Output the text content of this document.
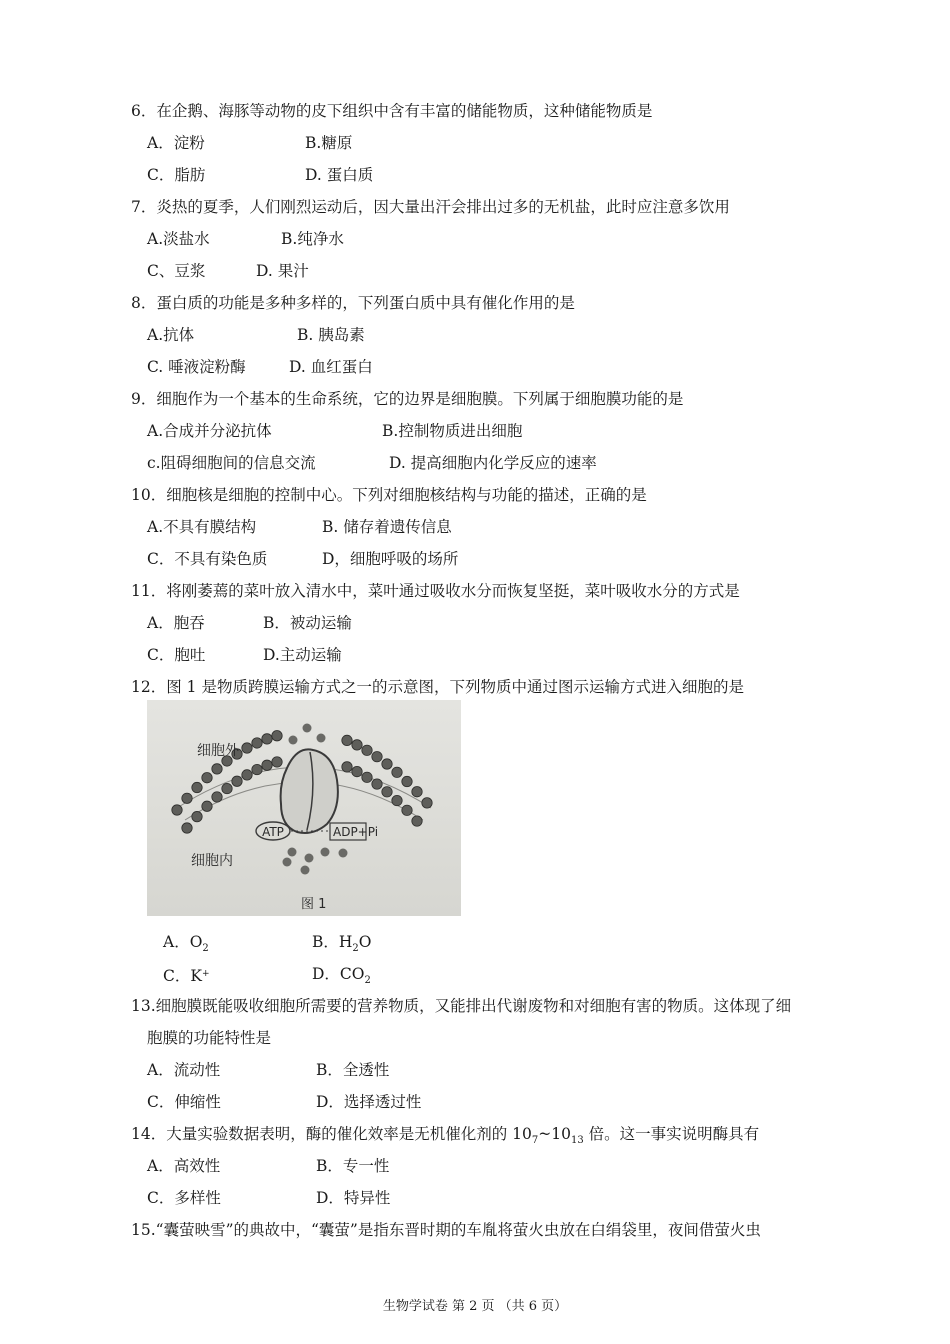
6．在企鹅、海豚等动物的皮下组织中含有丰富的储能物质，这种储能物质是
A．淀粉	B.糖原
C．脂肪	D. 蛋白质
7．炎热的夏季，人们刚烈运动后，因大量出汗会排出过多的无机盐，此时应注意多饮用
A.淡盐水	B.纯净水
C、豆浆	D. 果汁
8．蛋白质的功能是多种多样的，下列蛋白质中具有催化作用的是
A.抗体	B. 胰岛素
C. 唾液淀粉酶	D. 血红蛋白
9．细胞作为一个基本的生命系统，它的边界是细胞膜。下列属于细胞膜功能的是
A.合成并分泌抗体	B.控制物质进出细胞
c.阻碍细胞间的信息交流	D. 提高细胞内化学反应的速率
10．细胞核是细胞的控制中心。下列对细胞核结构与功能的描述，正确的是
A.不具有膜结构	B. 储存着遗传信息
C．不具有染色质	D，细胞呼吸的场所
11．将刚萎蔫的菜叶放入清水中，菜叶通过吸收水分而恢复坚挺，菜叶吸收水分的方式是
A．胞吞	B．被动运输
C．胞吐	D.主动运输
12．图 1 是物质跨膜运输方式之一的示意图，下列物质中通过图示运输方式进入细胞的是
ATP	ADP+Pi
细胞外
细胞内
图 1
A．$O_2$	B．$H_2O$
C．K+	D．$CO_2$
13.细胞膜既能吸收细胞所需要的营养物质，又能排出代谢废物和对细胞有害的物质。这体现了细
胞膜的功能特性是
A．流动性	B．全透性
C．伸缩性	D．选择透过性
14．大量实验数据表明，酶的催化效率是无机催化剂的 $10_7\sim 10_{13}$ 倍。这一事实说明酶具有
A．高效性	B．专一性
C．多样性	D．特异性
15.“囊萤映雪”的典故中，“囊萤”是指东晋时期的车胤将萤火虫放在白绢袋里，夜间借萤火虫
生物学试卷 第 2 页 （共 6 页）
